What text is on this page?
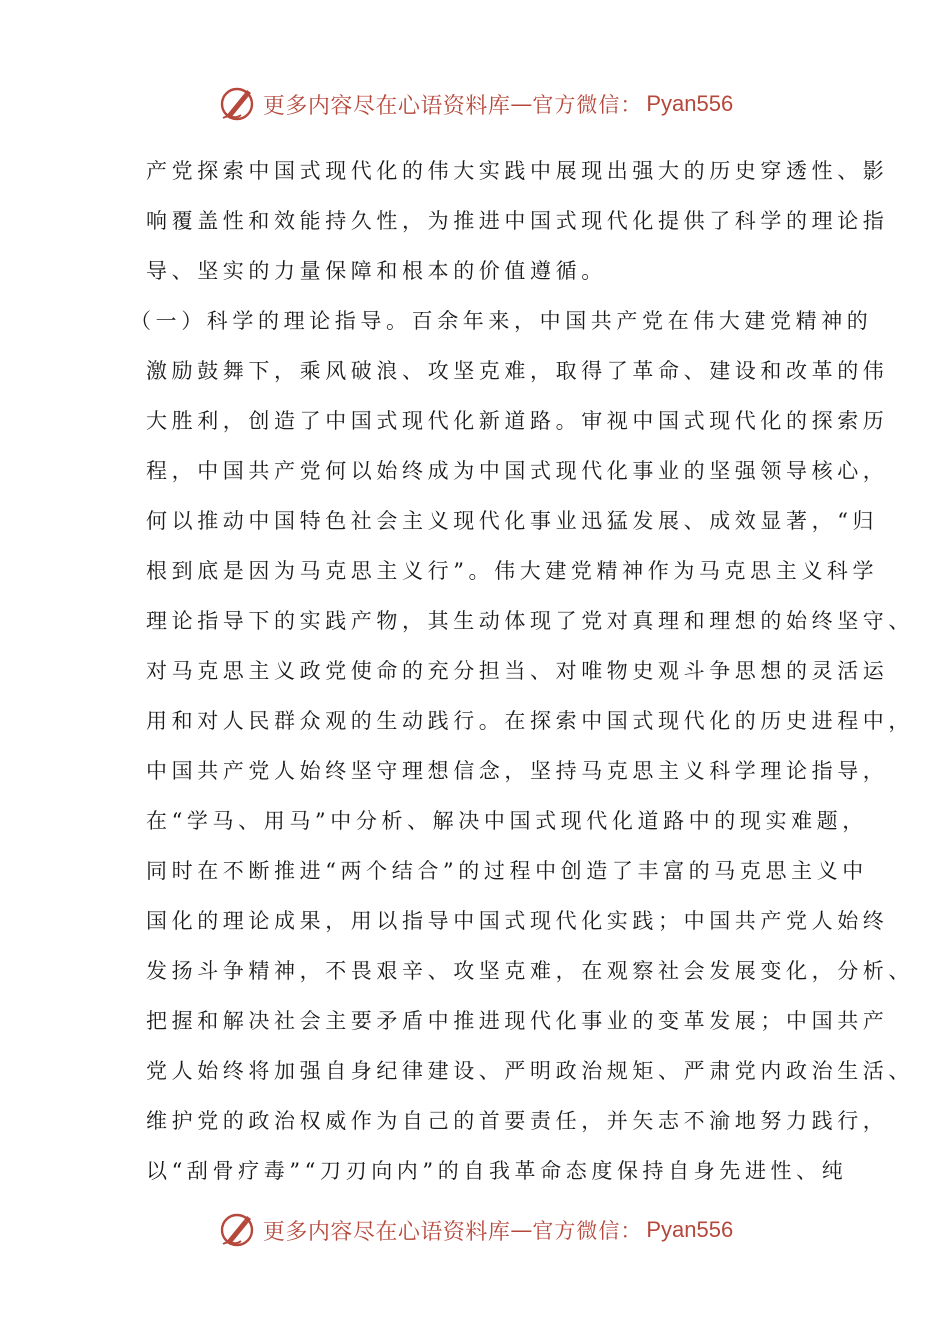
更多内容尽在心语资料库 — 官方微信： Pyan556
产党探索中国式现代化的伟大实践中展现出强大的历史穿透性、影
响覆盖性和效能持久性，为推进中国式现代化提供了科学的理论指
导、坚实的力量保障和根本的价值遵循。
（一）科学的理论指导。百余年来，中国共产党在伟大建党精神的
激励鼓舞下，乘风破浪、攻坚克难，取得了革命、建设和改革的伟
大胜利，创造了中国式现代化新道路。审视中国式现代化的探索历
程，中国共产党何以始终成为中国式现代化事业的坚强领导核心，
何以推动中国特色社会主义现代化事业迅猛发展、成效显著，“归
根到底是因为马克思主义行”。伟大建党精神作为马克思主义科学
理论指导下的实践产物，其生动体现了党对真理和理想的始终坚守、
对马克思主义政党使命的充分担当、对唯物史观斗争思想的灵活运
用和对人民群众观的生动践行。在探索中国式现代化的历史进程中，
中国共产党人始终坚守理想信念，坚持马克思主义科学理论指导，
在“学马、用马”中分析、解决中国式现代化道路中的现实难题，
同时在不断推进“两个结合”的过程中创造了丰富的马克思主义中
国化的理论成果，用以指导中国式现代化实践；中国共产党人始终
发扬斗争精神，不畏艰辛、攻坚克难，在观察社会发展变化，分析、
把握和解决社会主要矛盾中推进现代化事业的变革发展；中国共产
党人始终将加强自身纪律建设、严明政治规矩、严肃党内政治生活、
维护党的政治权威作为自己的首要责任，并矢志不渝地努力践行，
以“刮骨疗毒”“刀刃向内”的自我革命态度保持自身先进性、纯
更多内容尽在心语资料库 — 官方微信： Pyan556
